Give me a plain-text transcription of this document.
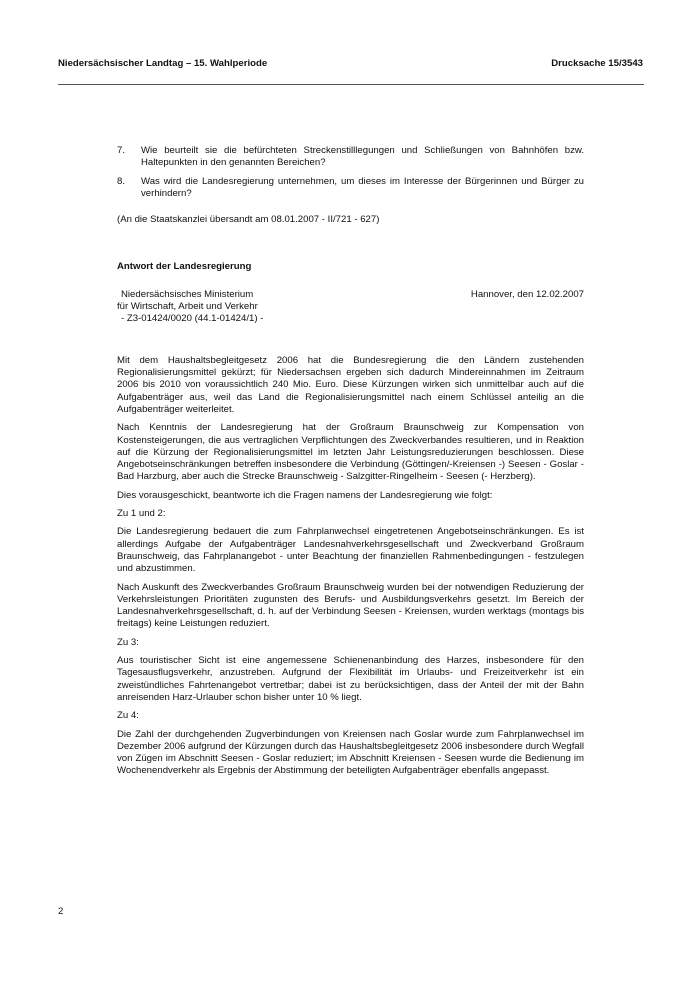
Niedersächsischer Landtag – 15. Wahlperiode	Drucksache 15/3543
7.	Wie beurteilt sie die befürchteten Streckenstilllegungen und Schließungen von Bahnhöfen bzw. Haltepunkten in den genannten Bereichen?
8.	Was wird die Landesregierung unternehmen, um dieses im Interesse der Bürgerinnen und Bürger zu verhindern?

(An die Staatskanzlei übersandt am 08.01.2007 - II/721 - 627)

Antwort der Landesregierung
Niedersächsisches Ministerium
für Wirtschaft, Arbeit und Verkehr
- Z3-01424/0020 (44.1-01424/1) -
Hannover, den 12.02.2007

Mit dem Haushaltsbegleitgesetz 2006 hat die Bundesregierung die den Ländern zustehenden Regionalisierungsmittel gekürzt; für Niedersachsen ergeben sich dadurch Mindereinnahmen im Zeitraum 2006 bis 2010 von voraussichtlich 240 Mio. Euro. Diese Kürzungen wirken sich unmittelbar auch auf die Aufgabenträger aus, weil das Land die Regionalisierungsmittel nach einem Schlüssel anteilig an die Aufgabenträger weiterleitet.

Nach Kenntnis der Landesregierung hat der Großraum Braunschweig zur Kompensation von Kostensteigerungen, die aus vertraglichen Verpflichtungen des Zweckverbandes resultieren, und in Reaktion auf die Kürzung der Regionalisierungsmittel im letzten Jahr Leistungsreduzierungen beschlossen. Diese Angebotseinschränkungen betreffen insbesondere die Verbindung (Göttingen/-Kreiensen -) Seesen - Goslar - Bad Harzburg, aber auch die Strecke Braunschweig - Salzgitter-Ringelheim - Seesen (- Herzberg).

Dies vorausgeschickt, beantworte ich die Fragen namens der Landesregierung wie folgt:

Zu 1 und 2:

Die Landesregierung bedauert die zum Fahrplanwechsel eingetretenen Angebotseinschränkungen. Es ist allerdings Aufgabe der Aufgabenträger Landesnahverkehrsgesellschaft und Zweckverband Großraum Braunschweig, das Fahrplanangebot - unter Beachtung der finanziellen Rahmenbedingungen - festzulegen und abzustimmen.

Nach Auskunft des Zweckverbandes Großraum Braunschweig wurden bei der notwendigen Reduzierung der Verkehrsleistungen Prioritäten zugunsten des Berufs- und Ausbildungsverkehrs gesetzt. Im Bereich der Landesnahverkehrsgesellschaft, d. h. auf der Verbindung Seesen - Kreiensen, wurden werktags (montags bis freitags) keine Leistungen reduziert.

Zu 3:

Aus touristischer Sicht ist eine angemessene Schienenanbindung des Harzes, insbesondere für den Tagesausflugsverkehr, anzustreben. Aufgrund der Flexibilität im Urlaubs- und Freizeitverkehr ist ein zweistündliches Fahrtenangebot vertretbar; dabei ist zu berücksichtigen, dass der Anteil der mit der Bahn anreisenden Harz-Urlauber schon bisher unter 10 % liegt.

Zu 4:

Die Zahl der durchgehenden Zugverbindungen von Kreiensen nach Goslar wurde zum Fahrplanwechsel im Dezember 2006 aufgrund der Kürzungen durch das Haushaltsbegleitgesetz 2006 insbesondere durch Wegfall von Zügen im Abschnitt Seesen - Goslar reduziert; im Abschnitt Kreiensen - Seesen wurde die Bedienung im Wochenendverkehr als Ergebnis der Abstimmung der beteiligten Aufgabenträger ebenfalls angepasst.

2
